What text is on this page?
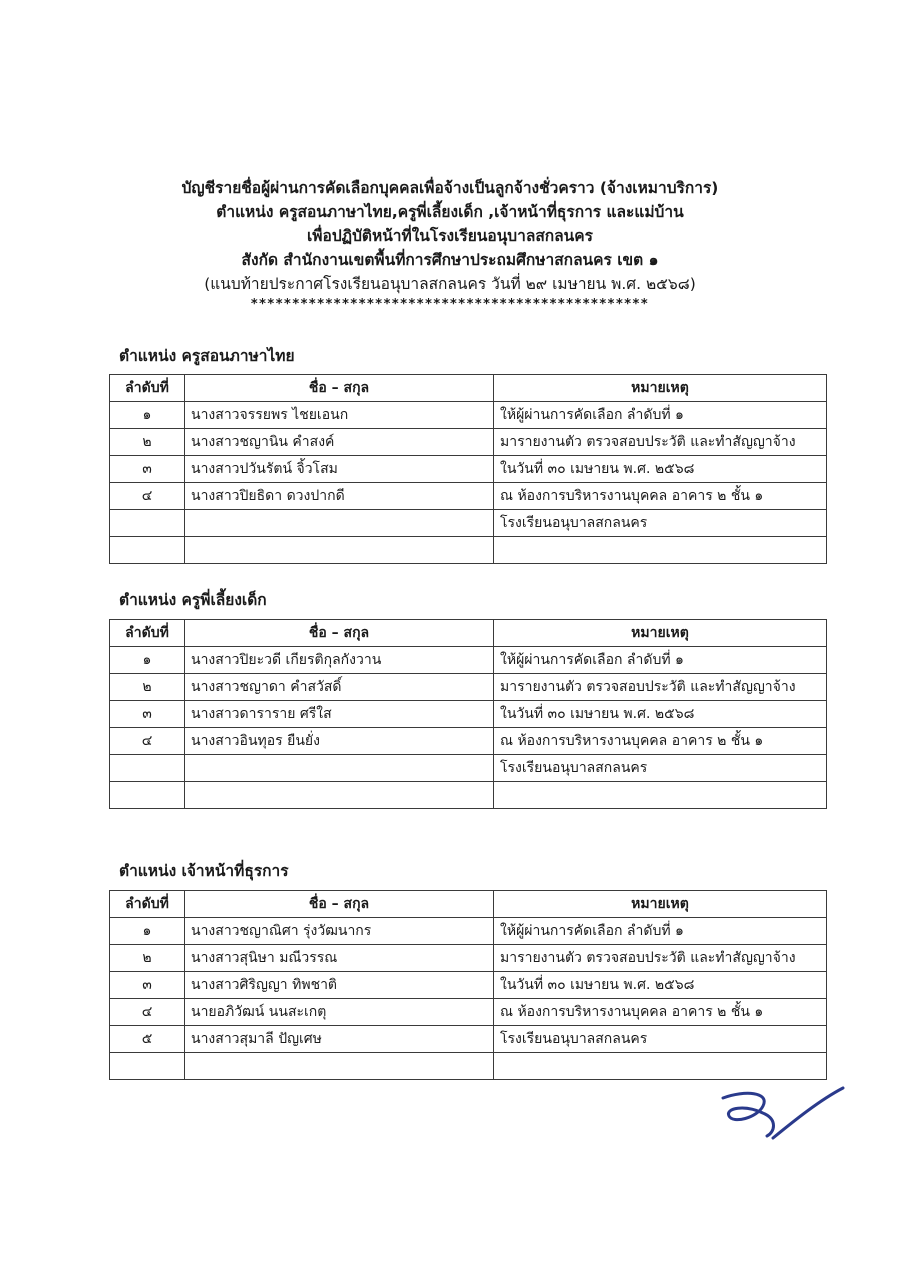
บัญชีรายชื่อผู้ผ่านการคัดเลือกบุคคลเพื่อจ้างเป็นลูกจ้างชั่วคราว (จ้างเหมาบริการ)
ตำแหน่ง ครูสอนภาษาไทย,ครูพี่เลี้ยงเด็ก ,เจ้าหน้าที่ธุรการ และแม่บ้าน
เพื่อปฏิบัติหน้าที่ในโรงเรียนอนุบาลสกลนคร
สังกัด สำนักงานเขตพื้นที่การศึกษาประถมศึกษาสกลนคร เขต ๑
(แนบท้ายประกาศโรงเรียนอนุบาลสกลนคร วันที่ ๒๙ เมษายน พ.ศ. ๒๕๖๘)
************************************************
ตำแหน่ง ครูสอนภาษาไทย
ลำดับที่	ชื่อ – สกุล	หมายเหตุ
๑	นางสาวจรรยพร ไชยเอนก	ให้ผู้ผ่านการคัดเลือก ลำดับที่ ๑
๒	นางสาวชญานิน คำสงค์	มารายงานตัว ตรวจสอบประวัติ และทำสัญญาจ้าง
๓	นางสาวปวันรัตน์ จิ้วโสม	ในวันที่ ๓๐ เมษายน พ.ศ. ๒๕๖๘
๔	นางสาวปิยธิดา ดวงปากดี	ณ ห้องการบริหารงานบุคคล อาคาร ๒ ชั้น ๑
		โรงเรียนอนุบาลสกลนคร

ตำแหน่ง ครูพี่เลี้ยงเด็ก
ลำดับที่	ชื่อ – สกุล	หมายเหตุ
๑	นางสาวปิยะวดี เกียรติกุลกังวาน	ให้ผู้ผ่านการคัดเลือก ลำดับที่ ๑
๒	นางสาวชญาดา คำสวัสดิ์	มารายงานตัว ตรวจสอบประวัติ และทำสัญญาจ้าง
๓	นางสาวดาราราย ศรีใส	ในวันที่ ๓๐ เมษายน พ.ศ. ๒๕๖๘
๔	นางสาวอินทุอร ยืนยั่ง	ณ ห้องการบริหารงานบุคคล อาคาร ๒ ชั้น ๑
		โรงเรียนอนุบาลสกลนคร

ตำแหน่ง เจ้าหน้าที่ธุรการ
ลำดับที่	ชื่อ – สกุล	หมายเหตุ
๑	นางสาวชญาณิศา รุ่งวัฒนากร	ให้ผู้ผ่านการคัดเลือก ลำดับที่ ๑
๒	นางสาวสุนิษา มณีวรรณ	มารายงานตัว ตรวจสอบประวัติ และทำสัญญาจ้าง
๓	นางสาวศิริญญา ทิพชาติ	ในวันที่ ๓๐ เมษายน พ.ศ. ๒๕๖๘
๔	นายอภิวัฒน์ นนสะเกตุ	ณ ห้องการบริหารงานบุคคล อาคาร ๒ ชั้น ๑
๕	นางสาวสุมาลี ปัญเศษ	โรงเรียนอนุบาลสกลนคร
